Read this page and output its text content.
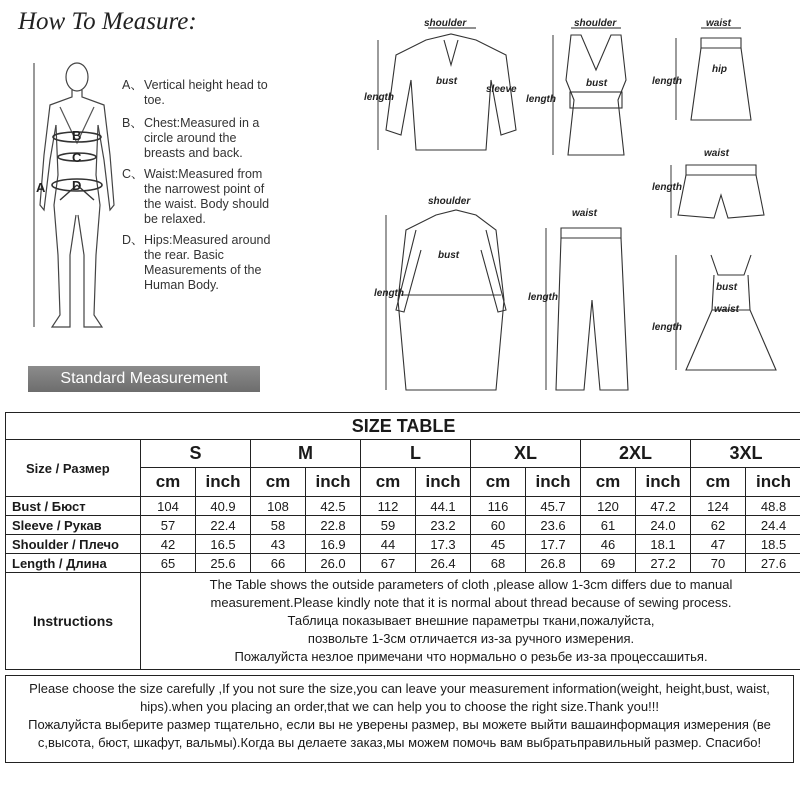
How To Measure:
B
C
A D
A、 Vertical height head to toe.
B、 Chest:Measured in a circle around the breasts and back.
C、 Waist:Measured from the narrowest point of the waist. Body should be relaxed.
D、 Hips:Measured around the rear. Basic Measurements of the Human Body.
Standard Measurement
shoulder
bust
sleeve
length
shoulder
bust
length
waist
hip
length
waist
length
shoulder
bust
length
waist
length
bust
waist
length
SIZE TABLE												
Size / Размер	S		M		L		XL		2XL		3XL	
	cm	inch	cm	inch	cm	inch	cm	inch	cm	inch	cm	inch
Bust / Бюст	104	40.9	108	42.5	112	44.1	116	45.7	120	47.2	124	48.8
Sleeve / Рукав	57	22.4	58	22.8	59	23.2	60	23.6	61	24.0	62	24.4
Shoulder / Плечо	42	16.5	43	16.9	44	17.3	45	17.7	46	18.1	47	18.5
Length / Длина	65	25.6	66	26.0	67	26.4	68	26.8	69	27.2	70	27.6
Instructions	The Table shows the outside parameters of cloth ,please allow 1-3cm differs due to manual
measurement.Please kindly note that it is normal about thread because of sewing process.
Таблица показывает внешние параметры ткани,пожалуйста,
позвольте 1-3см отличается из-за ручного измерения.
Пожалуйста незлое примечани что нормально о резьбе из-за процессашитья.											
Please choose the size carefully ,If you not sure the size,you can leave your measurement information(weight, height,bust, waist,
hips).when you placing an order,that we can help you to choose the right size.Thank you!!!
Пожалуйста выберите размер тщательно, если вы не уверены размер, вы можете выйти вашаинформация измерения (ве
с,высота, бюст, шкафут, вальмы).Когда вы делаете заказ,мы можем помочь вам выбратьправильный размер. Спасибо!
